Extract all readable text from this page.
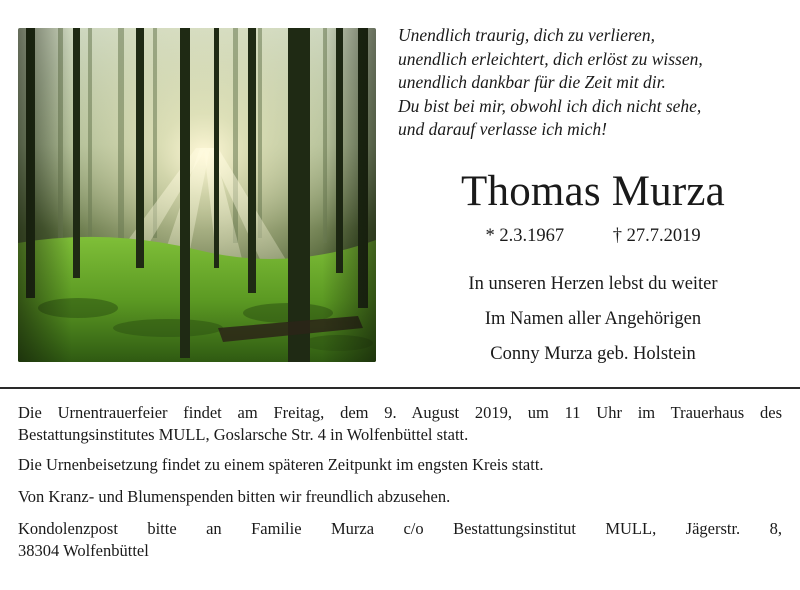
Unendlich traurig, dich zu verlieren,
unendlich erleichtert, dich erlöst zu wissen,
unendlich dankbar für die Zeit mit dir.
Du bist bei mir, obwohl ich dich nicht sehe,
und darauf verlasse ich mich!
Thomas Murza
* 2.3.1967	† 27.7.2019
In unseren Herzen lebst du weiter
Im Namen aller Angehörigen
Conny Murza geb. Holstein
Die Urnentrauerfeier findet am Freitag, dem 9. August 2019, um 11 Uhr im Trauerhaus des
Bestattungsinstitutes MULL, Goslarsche Str. 4 in Wolfenbüttel statt.
Die Urnenbeisetzung findet zu einem späteren Zeitpunkt im engsten Kreis statt.
Von Kranz- und Blumenspenden bitten wir freundlich abzusehen.
Kondolenzpost bitte an Familie Murza c/o Bestattungsinstitut MULL, Jägerstr. 8,
38304 Wolfenbüttel
